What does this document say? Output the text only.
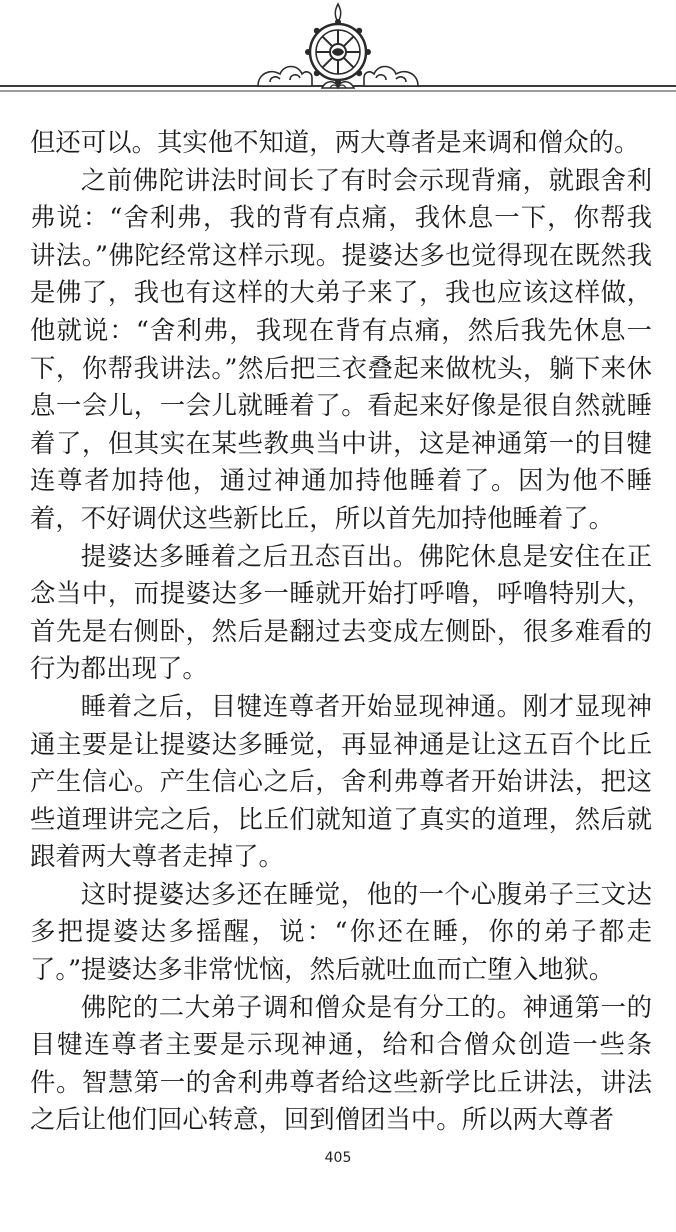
但还可以。其实他不知道，两大尊者是来调和僧众的。

之前佛陀讲法时间长了有时会示现背痛，就跟舍利弗说：“舍利弗，我的背有点痛，我休息一下，你帮我讲法。”佛陀经常这样示现。提婆达多也觉得现在既然我是佛了，我也有这样的大弟子来了，我也应该这样做，他就说：“舍利弗，我现在背有点痛，然后我先休息一下，你帮我讲法。”然后把三衣叠起来做枕头，躺下来休息一会儿，一会儿就睡着了。看起来好像是很自然就睡着了，但其实在某些教典当中讲，这是神通第一的目犍连尊者加持他，通过神通加持他睡着了。因为他不睡着，不好调伏这些新比丘，所以首先加持他睡着了。

提婆达多睡着之后丑态百出。佛陀休息是安住在正念当中，而提婆达多一睡就开始打呼噜，呼噜特别大，首先是右侧卧，然后是翻过去变成左侧卧，很多难看的行为都出现了。

睡着之后，目犍连尊者开始显现神通。刚才显现神通主要是让提婆达多睡觉，再显神通是让这五百个比丘产生信心。产生信心之后，舍利弗尊者开始讲法，把这些道理讲完之后，比丘们就知道了真实的道理，然后就跟着两大尊者走掉了。

这时提婆达多还在睡觉，他的一个心腹弟子三文达多把提婆达多摇醒，说：“你还在睡，你的弟子都走了。”提婆达多非常忧恼，然后就吐血而亡堕入地狱。

佛陀的二大弟子调和僧众是有分工的。神通第一的目犍连尊者主要是示现神通，给和合僧众创造一些条件。智慧第一的舍利弗尊者给这些新学比丘讲法，讲法之后让他们回心转意，回到僧团当中。所以两大尊者

405
